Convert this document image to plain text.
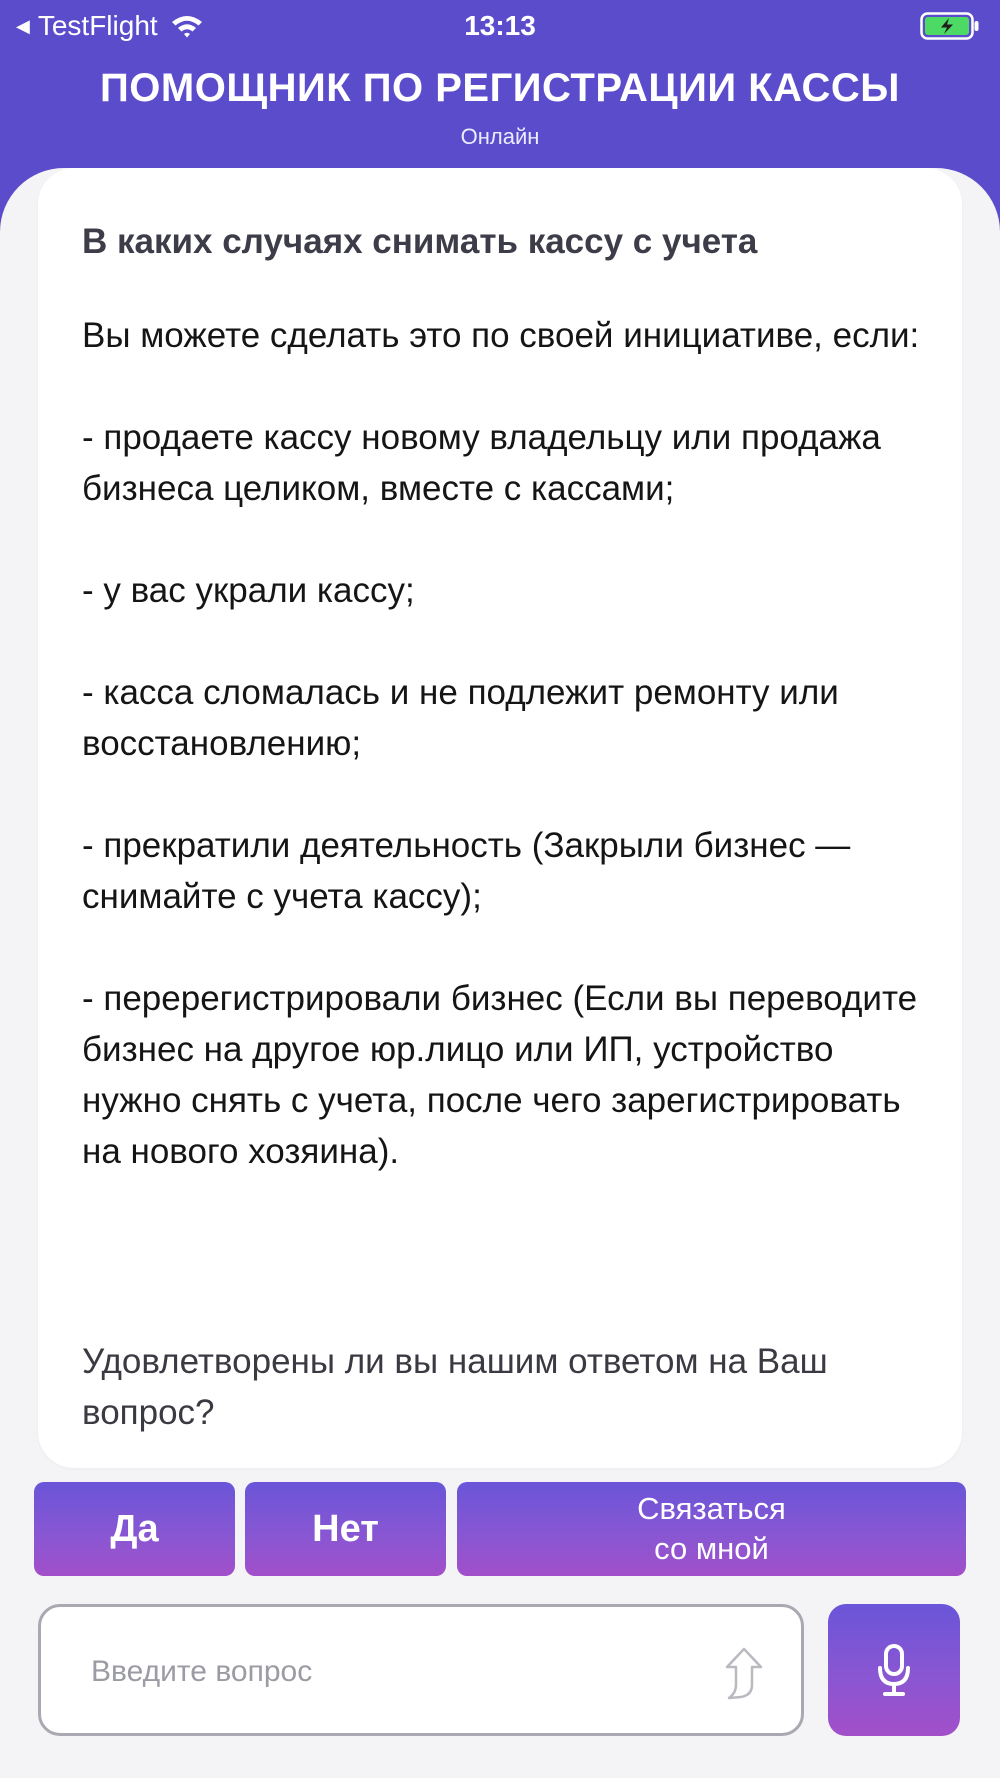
◀ TestFlight	13:13
ПОМОЩНИК ПО РЕГИСТРАЦИИ КАССЫ
Онлайн
В каких случаях снимать кассу с учета

Вы можете сделать это по своей инициативе, если:

- продаете кассу новому владельцу или продажа бизнеса целиком, вместе с кассами;

- у вас украли кассу;

- касса сломалась и не подлежит ремонту или восстановлению;

- прекратили деятельность (Закрыли бизнес — снимайте с учета кассу);

- перерегистрировали бизнес (Если вы переводите бизнес на другое юр.лицо или ИП, устройство нужно снять с учета, после чего зарегистрировать на нового хозяина).

Удовлетворены ли вы нашим ответом на Ваш вопрос?
Да	Нет	Связаться
со мной
Введите вопрос
